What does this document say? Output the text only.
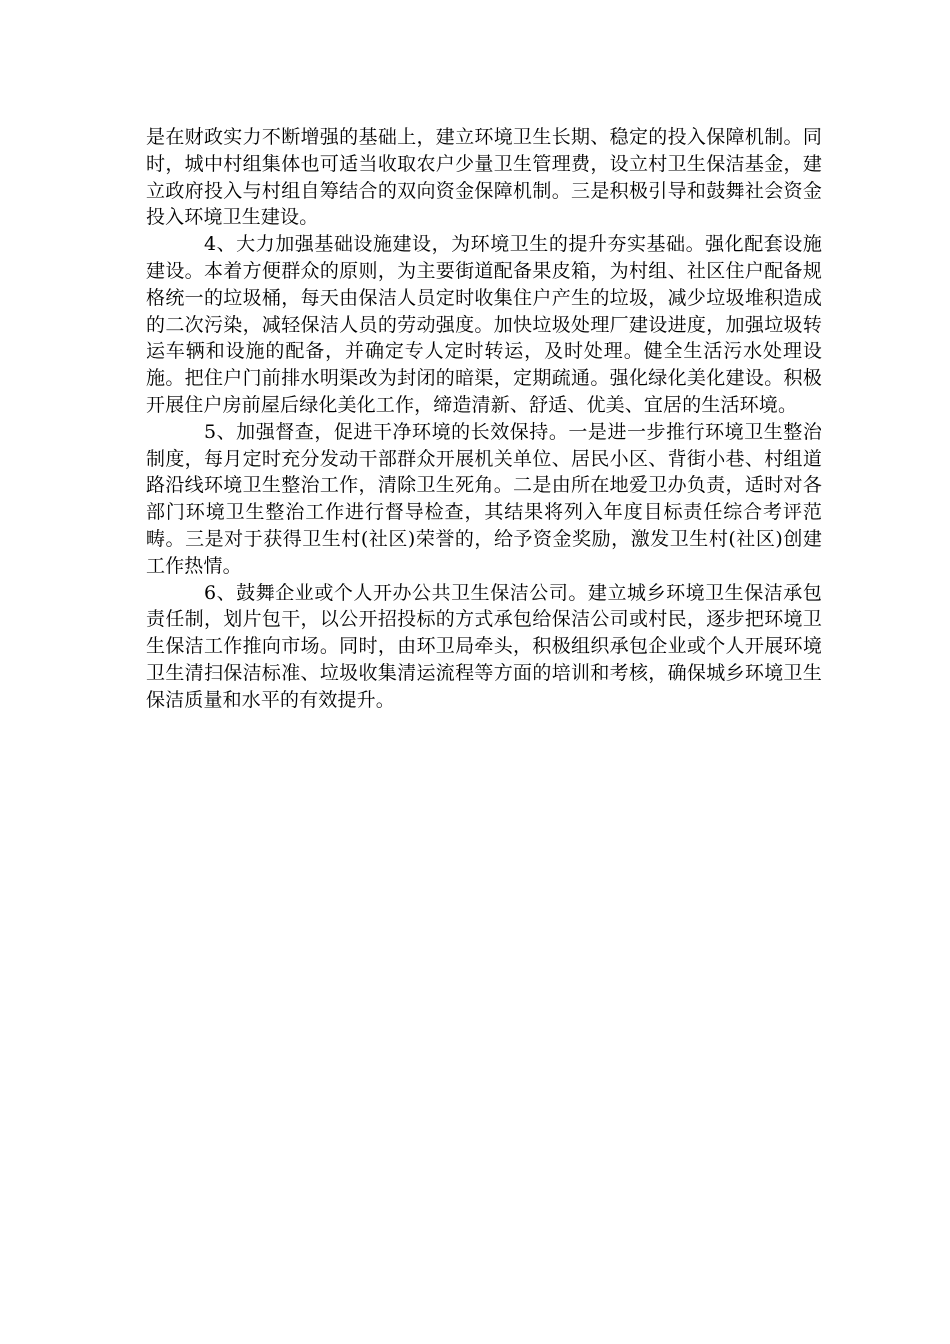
是在财政实力不断增强的基础上，建立环境卫生长期、稳定的投入保障机制。同时，城中村组集体也可适当收取农户少量卫生管理费，设立村卫生保洁基金，建立政府投入与村组自筹结合的双向资金保障机制。三是积极引导和鼓舞社会资金投入环境卫生建设。

4、大力加强基础设施建设，为环境卫生的提升夯实基础。强化配套设施建设。本着方便群众的原则，为主要街道配备果皮箱，为村组、社区住户配备规格统一的垃圾桶，每天由保洁人员定时收集住户产生的垃圾，减少垃圾堆积造成的二次污染，减轻保洁人员的劳动强度。加快垃圾处理厂建设进度，加强垃圾转运车辆和设施的配备，并确定专人定时转运，及时处理。健全生活污水处理设施。把住户门前排水明渠改为封闭的暗渠，定期疏通。强化绿化美化建设。积极开展住户房前屋后绿化美化工作，缔造清新、舒适、优美、宜居的生活环境。

5、加强督查，促进干净环境的长效保持。一是进一步推行环境卫生整治制度，每月定时充分发动干部群众开展机关单位、居民小区、背街小巷、村组道路沿线环境卫生整治工作，清除卫生死角。二是由所在地爱卫办负责，适时对各部门环境卫生整治工作进行督导检查，其结果将列入年度目标责任综合考评范畴。三是对于获得卫生村(社区)荣誉的，给予资金奖励，激发卫生村(社区)创建工作热情。

6、鼓舞企业或个人开办公共卫生保洁公司。建立城乡环境卫生保洁承包责任制，划片包干，以公开招投标的方式承包给保洁公司或村民，逐步把环境卫生保洁工作推向市场。同时，由环卫局牵头，积极组织承包企业或个人开展环境卫生清扫保洁标准、垃圾收集清运流程等方面的培训和考核，确保城乡环境卫生保洁质量和水平的有效提升。
